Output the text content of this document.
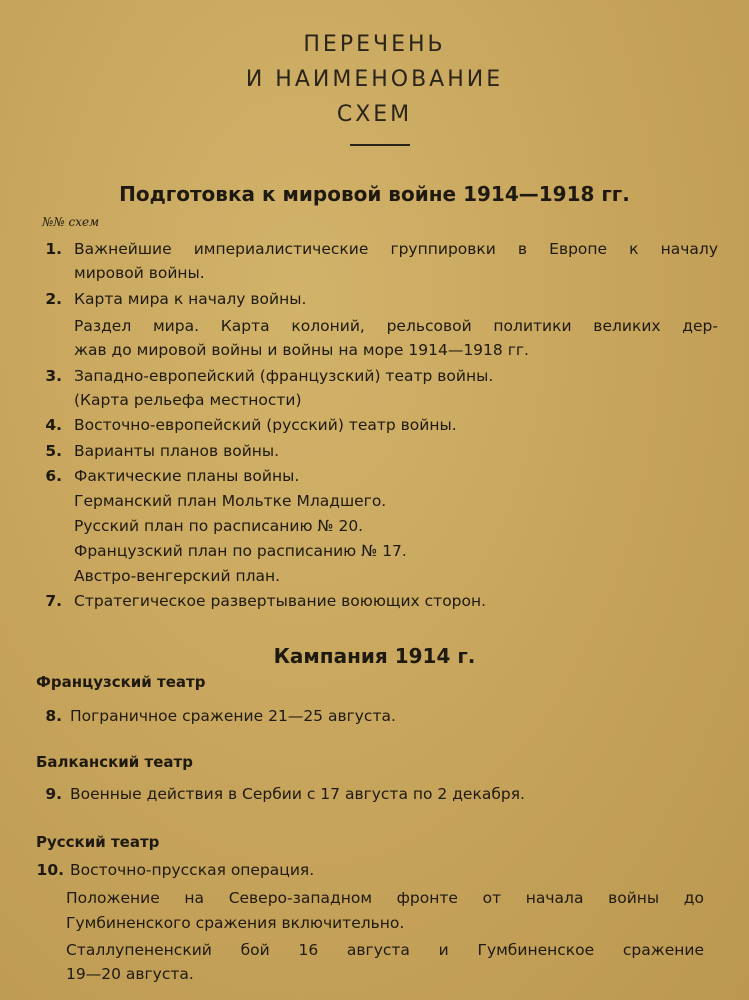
ПЕРЕЧЕНЬ
И НАИМЕНОВАНИЕ
СХЕМ
Подготовка к мировой войне 1914—1918 гг.
№№ схем
1. Важнейшие империалистические группировки в Европе к началу
мировой войны.
2. Карта мира к началу войны.
Раздел мира. Карта колоний, рельсовой политики великих дер-
жав до мировой войны и войны на море 1914—1918 гг.
3. Западно-европейский (французский) театр войны.
(Карта рельефа местности)
4. Восточно-европейский (русский) театр войны.
5. Варианты планов войны.
6. Фактические планы войны.
Германский план Мольтке Младшего.
Русский план по расписанию № 20.
Французский план по расписанию № 17.
Австро-венгерский план.
7. Стратегическое развертывание воюющих сторон.
Кампания 1914 г.
Французский театр
8. Пограничное сражение 21—25 августа.
Балканский театр
9. Военные действия в Сербии с 17 августа по 2 декабря.
Русский театр
10. Восточно-прусская операция.
Положение на Северо-западном фронте от начала войны до
Гумбиненского сражения включительно.
Сталлупененский бой 16 августа и Гумбиненское сражение
19—20 августа.
